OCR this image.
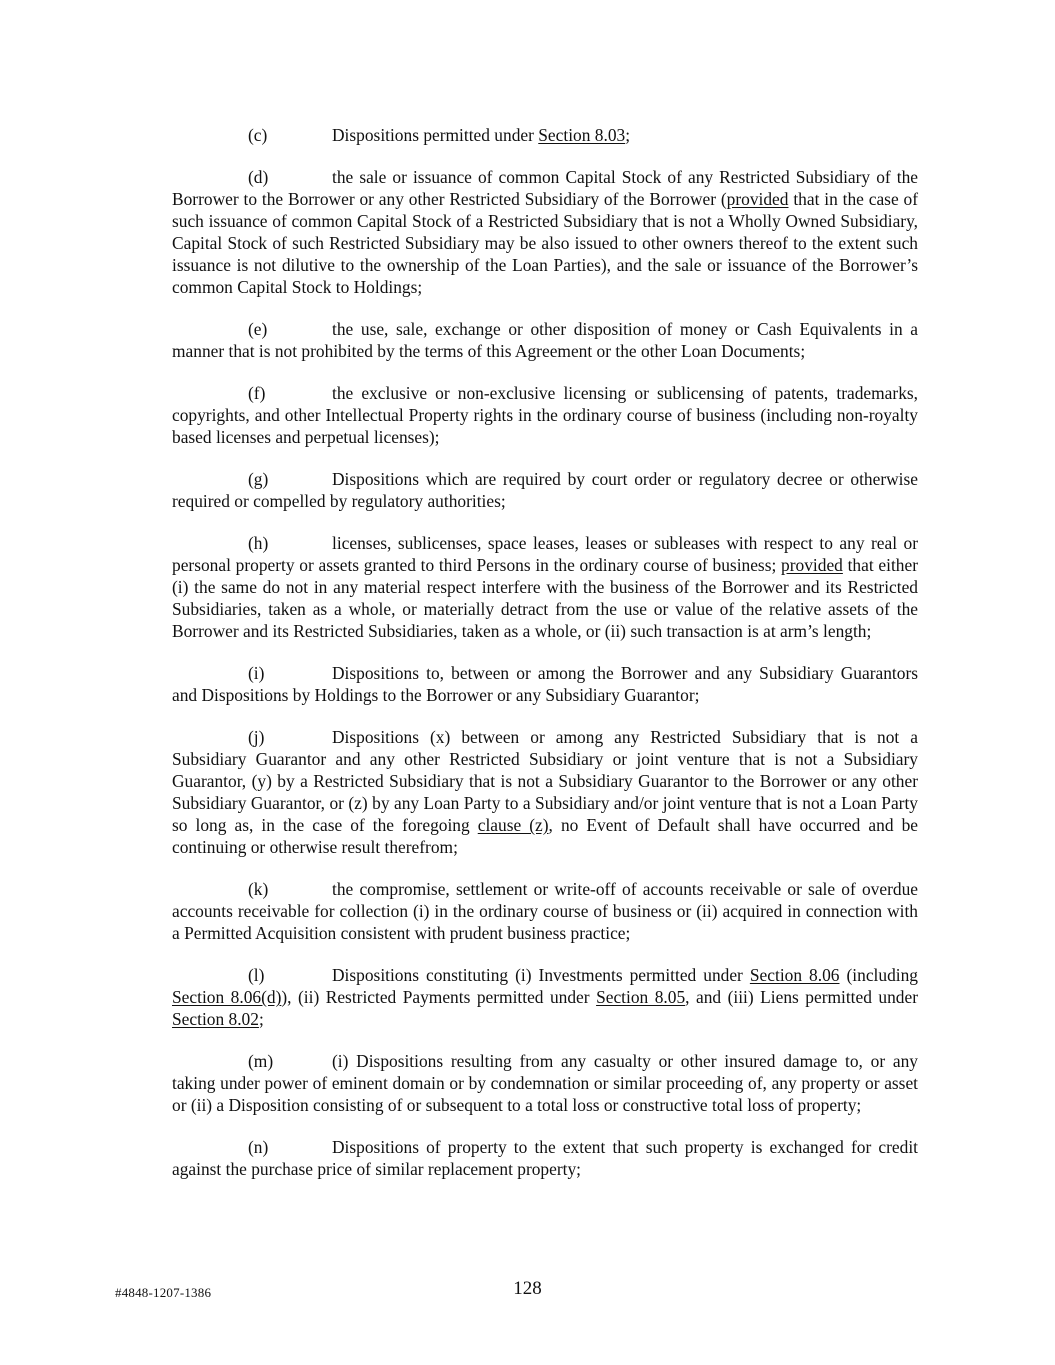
(c)	Dispositions permitted under Section 8.03;

(d)	the sale or issuance of common Capital Stock of any Restricted Subsidiary of the Borrower to the Borrower or any other Restricted Subsidiary of the Borrower (provided that in the case of such issuance of common Capital Stock of a Restricted Subsidiary that is not a Wholly Owned Subsidiary, Capital Stock of such Restricted Subsidiary may be also issued to other owners thereof to the extent such issuance is not dilutive to the ownership of the Loan Parties), and the sale or issuance of the Borrower’s common Capital Stock to Holdings;

(e)	the use, sale, exchange or other disposition of money or Cash Equivalents in a manner that is not prohibited by the terms of this Agreement or the other Loan Documents;

(f)	the exclusive or non-exclusive licensing or sublicensing of patents, trademarks, copyrights, and other Intellectual Property rights in the ordinary course of business (including non-royalty based licenses and perpetual licenses);

(g)	Dispositions which are required by court order or regulatory decree or otherwise required or compelled by regulatory authorities;

(h)	licenses, sublicenses, space leases, leases or subleases with respect to any real or personal property or assets granted to third Persons in the ordinary course of business; provided that either (i) the same do not in any material respect interfere with the business of the Borrower and its Restricted Subsidiaries, taken as a whole, or materially detract from the use or value of the relative assets of the Borrower and its Restricted Subsidiaries, taken as a whole, or (ii) such transaction is at arm’s length;

(i)	Dispositions to, between or among the Borrower and any Subsidiary Guarantors and Dispositions by Holdings to the Borrower or any Subsidiary Guarantor;

(j)	Dispositions (x) between or among any Restricted Subsidiary that is not a Subsidiary Guarantor and any other Restricted Subsidiary or joint venture that is not a Subsidiary Guarantor, (y) by a Restricted Subsidiary that is not a Subsidiary Guarantor to the Borrower or any other Subsidiary Guarantor, or (z) by any Loan Party to a Subsidiary and/or joint venture that is not a Loan Party so long as, in the case of the foregoing clause (z), no Event of Default shall have occurred and be continuing or otherwise result therefrom;

(k)	the compromise, settlement or write-off of accounts receivable or sale of overdue accounts receivable for collection (i) in the ordinary course of business or (ii) acquired in connection with a Permitted Acquisition consistent with prudent business practice;

(l)	Dispositions constituting (i) Investments permitted under Section 8.06 (including Section 8.06(d)), (ii) Restricted Payments permitted under Section 8.05, and (iii) Liens permitted under Section 8.02;

(m)	(i) Dispositions resulting from any casualty or other insured damage to, or any taking under power of eminent domain or by condemnation or similar proceeding of, any property or asset or (ii) a Disposition consisting of or subsequent to a total loss or constructive total loss of property;

(n)	Dispositions of property to the extent that such property is exchanged for credit against the purchase price of similar replacement property;

#4848-1207-1386	128
